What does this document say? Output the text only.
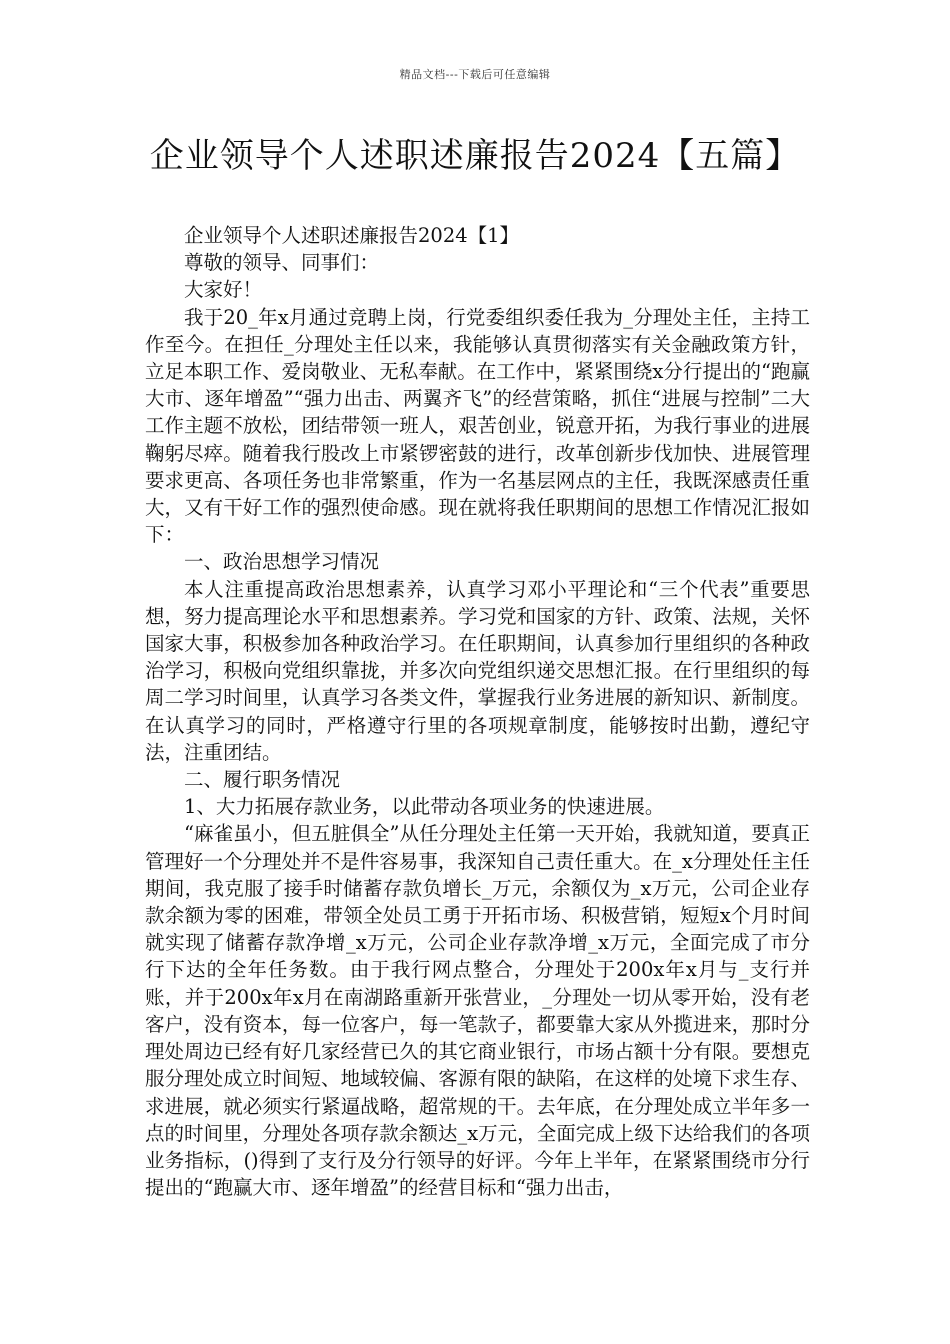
精品文档---下载后可任意编辑
企业领导个人述职述廉报告2024【五篇】

企业领导个人述职述廉报告2024【1】

尊敬的领导、同事们：

大家好！

我于20_年x月通过竞聘上岗，行党委组织委任我为_分理处主任，主持工作至今。在担任_分理处主任以来，我能够认真贯彻落实有关金融政策方针，立足本职工作、爱岗敬业、无私奉献。在工作中，紧紧围绕x分行提出的“跑赢大市、逐年增盈”“强力出击、两翼齐飞”的经营策略，抓住“进展与控制”二大工作主题不放松，团结带领一班人，艰苦创业，锐意开拓，为我行事业的进展鞠躬尽瘁。随着我行股改上市紧锣密鼓的进行，改革创新步伐加快、进展管理要求更高、各项任务也非常繁重，作为一名基层网点的主任，我既深感责任重大，又有干好工作的强烈使命感。现在就将我任职期间的思想工作情况汇报如下：

一、政治思想学习情况

本人注重提高政治思想素养，认真学习邓小平理论和“三个代表”重要思想，努力提高理论水平和思想素养。学习党和国家的方针、政策、法规，关怀国家大事，积极参加各种政治学习。在任职期间，认真参加行里组织的各种政治学习，积极向党组织靠拢，并多次向党组织递交思想汇报。在行里组织的每周二学习时间里，认真学习各类文件，掌握我行业务进展的新知识、新制度。在认真学习的同时，严格遵守行里的各项规章制度，能够按时出勤，遵纪守法，注重团结。

二、履行职务情况

1、大力拓展存款业务，以此带动各项业务的快速进展。

“麻雀虽小，但五脏俱全”从任分理处主任第一天开始，我就知道，要真正管理好一个分理处并不是件容易事，我深知自己责任重大。在_x分理处任主任期间，我克服了接手时储蓄存款负增长_万元，余额仅为_x万元，公司企业存款余额为零的困难，带领全处员工勇于开拓市场、积极营销，短短x个月时间就实现了储蓄存款净增_x万元，公司企业存款净增_x万元，全面完成了市分行下达的全年任务数。由于我行网点整合，分理处于200x年x月与_支行并账，并于200x年x月在南湖路重新开张营业，_分理处一切从零开始，没有老客户，没有资本，每一位客户，每一笔款子，都要靠大家从外揽进来，那时分理处周边已经有好几家经营已久的其它商业银行，市场占额十分有限。要想克服分理处成立时间短、地域较偏、客源有限的缺陷，在这样的处境下求生存、求进展，就必须实行紧逼战略，超常规的干。去年底，在分理处成立半年多一点的时间里，分理处各项存款余额达_x万元，全面完成上级下达给我们的各项业务指标，()得到了支行及分行领导的好评。今年上半年，在紧紧围绕市分行提出的“跑赢大市、逐年增盈”的经营目标和“强力出击，
